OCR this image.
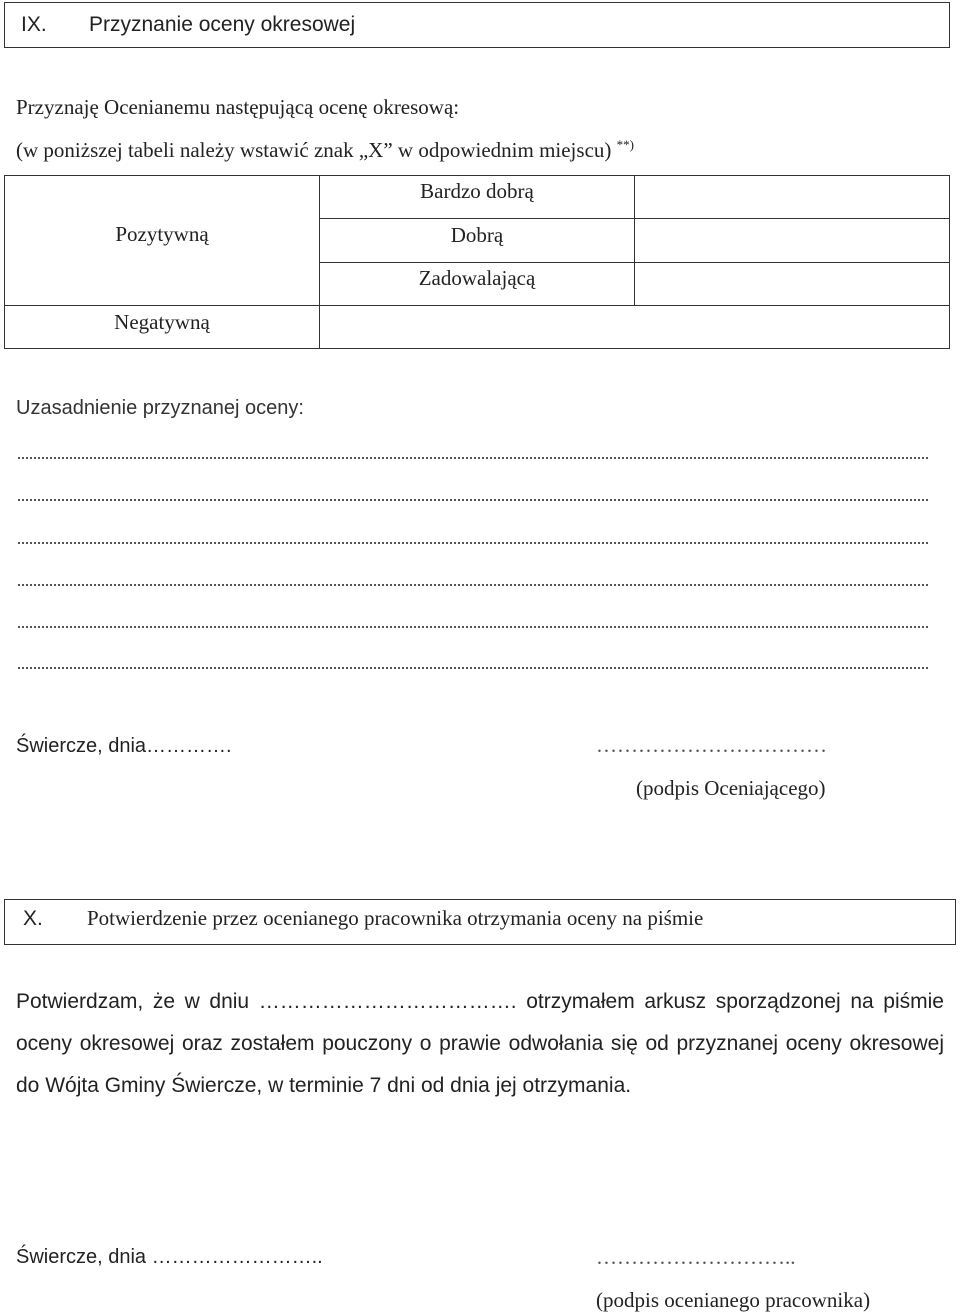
IX. Przyznanie oceny okresowej
Przyznaję Ocenianemu następującą ocenę okresową:
(w poniższej tabeli należy wstawić znak „X” w odpowiednim miejscu) **)
Pozytywną
Bardzo dobrą
Dobrą
Zadowalającą
Negatywną
Uzasadnienie przyznanej oceny:
Świercze, dnia………….	……………………………
(podpis Oceniającego)
X. Potwierdzenie przez ocenianego pracownika otrzymania oceny na piśmie
Potwierdzam, że w dniu ………………………………. otrzymałem arkusz sporządzonej na piśmie oceny okresowej oraz zostałem pouczony o prawie odwołania się od przyznanej oceny okresowej do Wójta Gminy Świercze, w terminie 7 dni od dnia jej otrzymania.
Świercze, dnia ……………………..	………………………..
(podpis ocenianego pracownika)
